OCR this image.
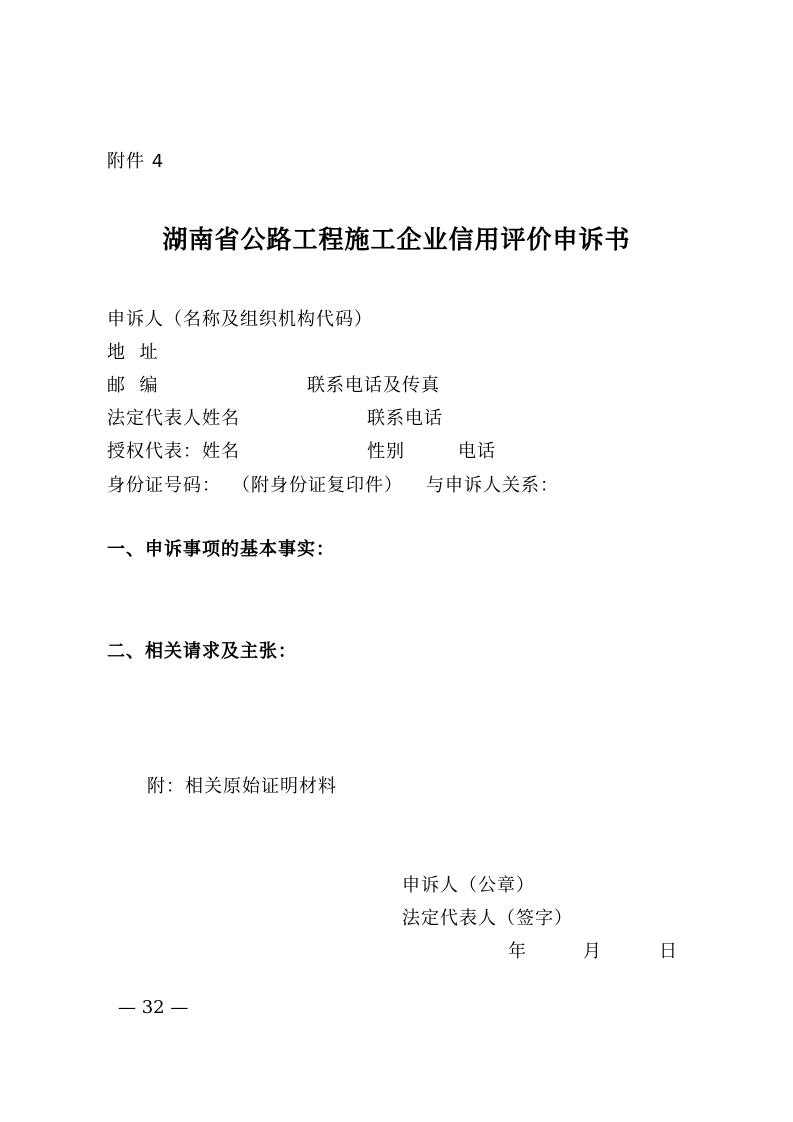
附件 4
湖南省公路工程施工企业信用评价申诉书
申诉人（名称及组织机构代码）
地  址
邮  编	联系电话及传真
法定代表人姓名	联系电话
授权代表：姓名	性别	电话
身份证号码： （附身份证复印件） 与申诉人关系：
一、申诉事项的基本事实：
二、相关请求及主张：
附：相关原始证明材料
申诉人（公章）
法定代表人（签字）
年	月	日
— 32 —
